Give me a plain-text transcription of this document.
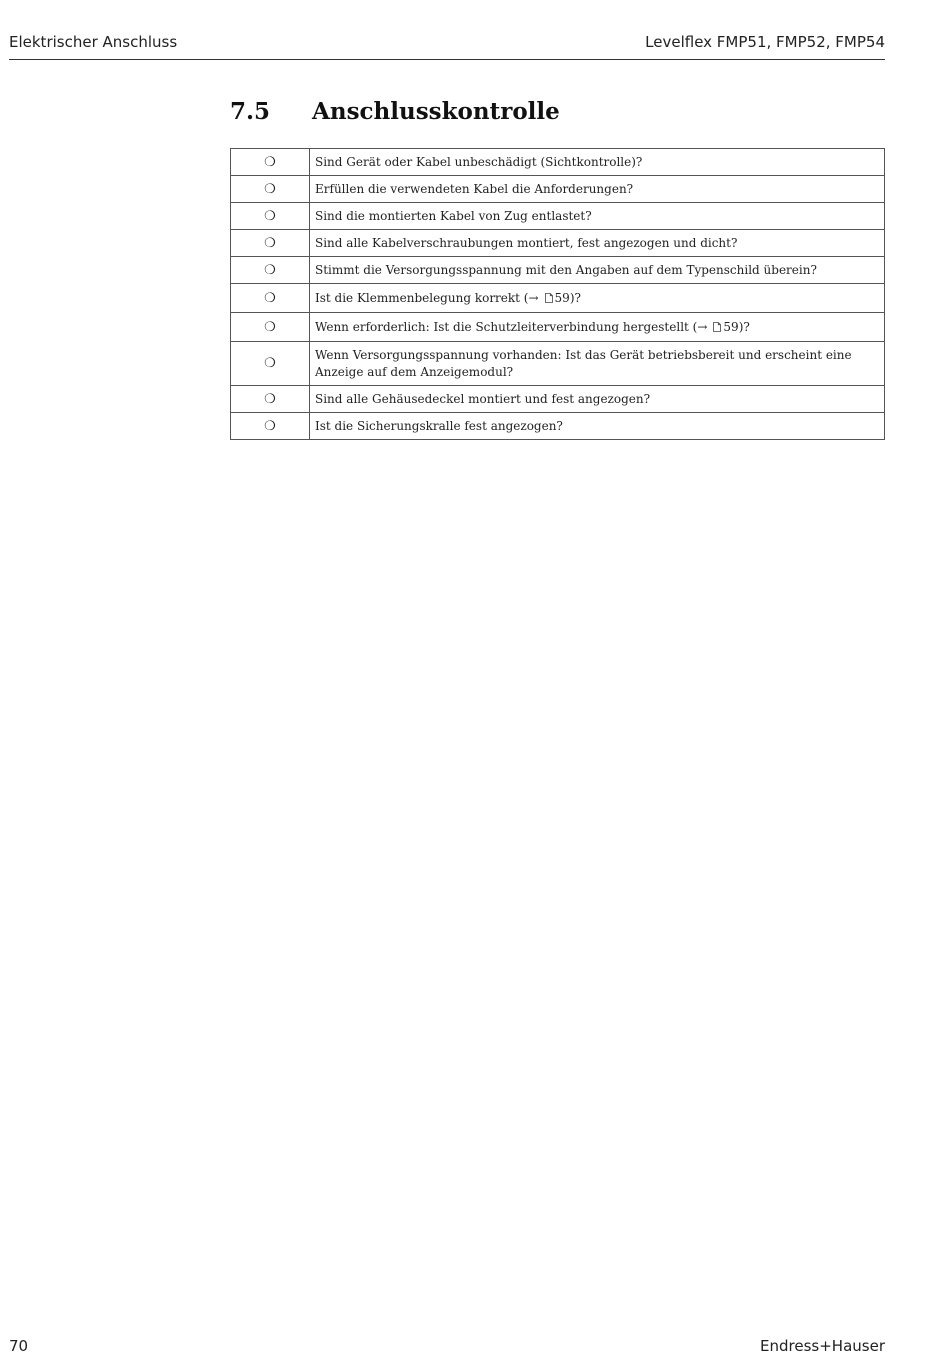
Elektrischer Anschluss	Levelflex FMP51, FMP52, FMP54
7.5 Anschlusskontrolle
❍	Sind Gerät oder Kabel unbeschädigt (Sichtkontrolle)?
❍	Erfüllen die verwendeten Kabel die Anforderungen?
❍	Sind die montierten Kabel von Zug entlastet?
❍	Sind alle Kabelverschraubungen montiert, fest angezogen und dicht?
❍	Stimmt die Versorgungsspannung mit den Angaben auf dem Typenschild überein?
❍	Ist die Klemmenbelegung korrekt (→ 59)?
❍	Wenn erforderlich: Ist die Schutzleiterverbindung hergestellt (→ 59)?
❍	Wenn Versorgungsspannung vorhanden: Ist das Gerät betriebsbereit und erscheint eine Anzeige auf dem Anzeigemodul?
❍	Sind alle Gehäusedeckel montiert und fest angezogen?
❍	Ist die Sicherungskralle fest angezogen?
70	Endress+Hauser
